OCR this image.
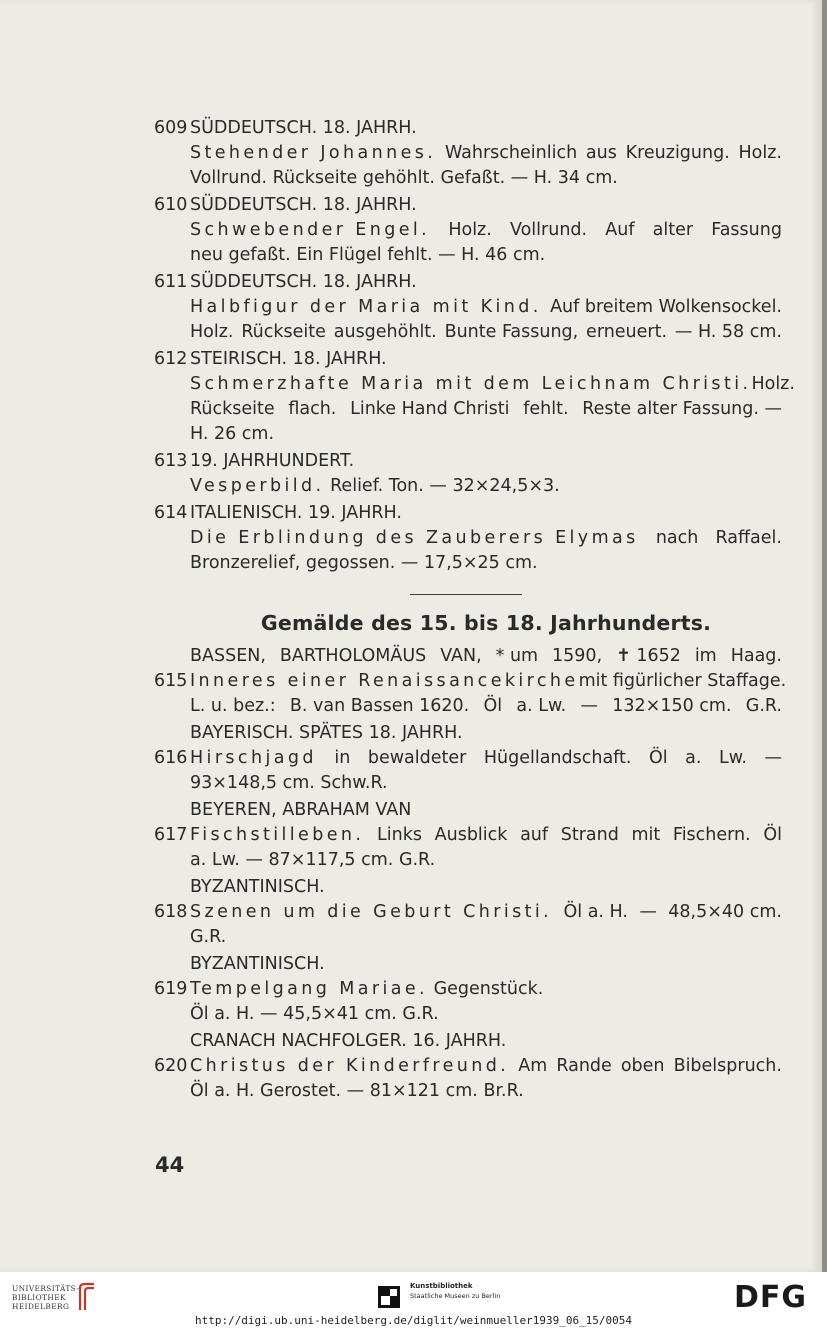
609 SÜDDEUTSCH. 18. JAHRH.
Stehender Johannes. Wahrscheinlich aus Kreuzigung. Holz.
Vollrund. Rückseite gehöhlt. Gefaßt. — H. 34 cm.
610 SÜDDEUTSCH. 18. JAHRH.
Schwebender Engel. Holz. Vollrund. Auf alter Fassung
neu gefaßt. Ein Flügel fehlt. — H. 46 cm.
611 SÜDDEUTSCH. 18. JAHRH.
Halbfigur der Maria mit Kind. Auf breitem Wolkensockel.
Holz. Rückseite ausgehöhlt. Bunte Fassung, erneuert. — H. 58 cm.
612 STEIRISCH. 18. JAHRH.
Schmerzhafte Maria mit dem Leichnam Christi. Holz.
Rückseite flach. Linke Hand Christi fehlt. Reste alter Fassung. —
H. 26 cm.
613 19. JAHRHUNDERT.
Vesperbild. Relief. Ton. — 32×24,5×3.
614 ITALIENISCH. 19. JAHRH.
Die Erblindung des Zauberers Elymas nach Raffael.
Bronzerelief, gegossen. — 17,5×25 cm.
Gemälde des 15. bis 18. Jahrhunderts.
BASSEN, BARTHOLOMÄUS VAN, * um 1590, ✝ 1652 im Haag.
615 Inneres einer Renaissancekirche mit figürlicher Staffage.
L. u. bez.: B. van Bassen 1620. Öl a. Lw. — 132×150 cm. G.R.
BAYERISCH. SPÄTES 18. JAHRH.
616 Hirschjagd in bewaldeter Hügellandschaft. Öl a. Lw. —
93×148,5 cm. Schw.R.
BEYEREN, ABRAHAM VAN
617 Fischstilleben. Links Ausblick auf Strand mit Fischern. Öl
a. Lw. — 87×117,5 cm. G.R.
BYZANTINISCH.
618 Szenen um die Geburt Christi. Öl a. H. — 48,5×40 cm.
G.R.
BYZANTINISCH.
619 Tempelgang Mariae. Gegenstück.
Öl a. H. — 45,5×41 cm. G.R.
CRANACH NACHFOLGER. 16. JAHRH.
620 Christus der Kinderfreund. Am Rande oben Bibelspruch.
Öl a. H. Gerostet. — 81×121 cm. Br.R.
44
UNIVERSITÄTS-
BIBLIOTHEK
HEIDELBERG
Kunstbibliothek
Staatliche Museen zu Berlin	DFG
http://digi.ub.uni-heidelberg.de/diglit/weinmueller1939_06_15/0054
